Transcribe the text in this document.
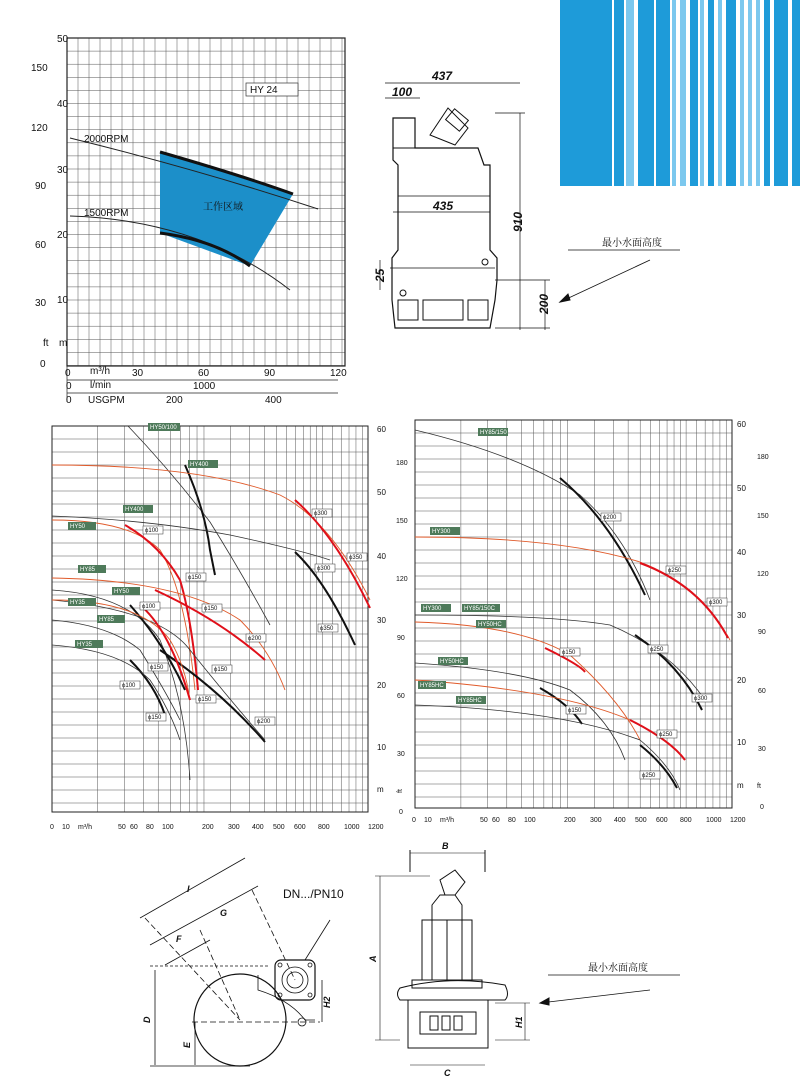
HY 24
2000RPM
1500RPM
工作区域
150
120
90
60
30
0
50
40
30
20
10
ft m
0 m³/h 30	60	90	120
0 l/min	1000
0 USGPM	200	400
437
100
435
910
25
200
最小水面高度
HY50/100
HY400
HY400
HY50
HY85
HY50
HY35
HY85
HY35
ϕ300
ϕ350
ϕ300
ϕ100
ϕ150
ϕ150
ϕ100
ϕ200
ϕ150	ϕ150
ϕ100
ϕ150
ϕ150
ϕ200
ϕ350
60
50
40
30
20
10
180
150
120
90
60
30
0
m ft
0 10 m³/h	50 60 80 100	200 300 400 500 600 800 1000 1200
HY85/150
HY300
HY300	HY85/150C
HY50HC
HY50HC
HY85HC
HY85HC
ϕ200
ϕ250
ϕ300
ϕ150	ϕ250
ϕ300
ϕ150
ϕ250
ϕ250
60
50
40
30
20
10
180
150
120
90
60
30
0
m ft
0 10 m³/h	50 60 80 100	200 300 400 500 600 800 1000 1200
I
G
F
D
E
H2
DN.../PN10
B
A
H1
C
最小水面高度
